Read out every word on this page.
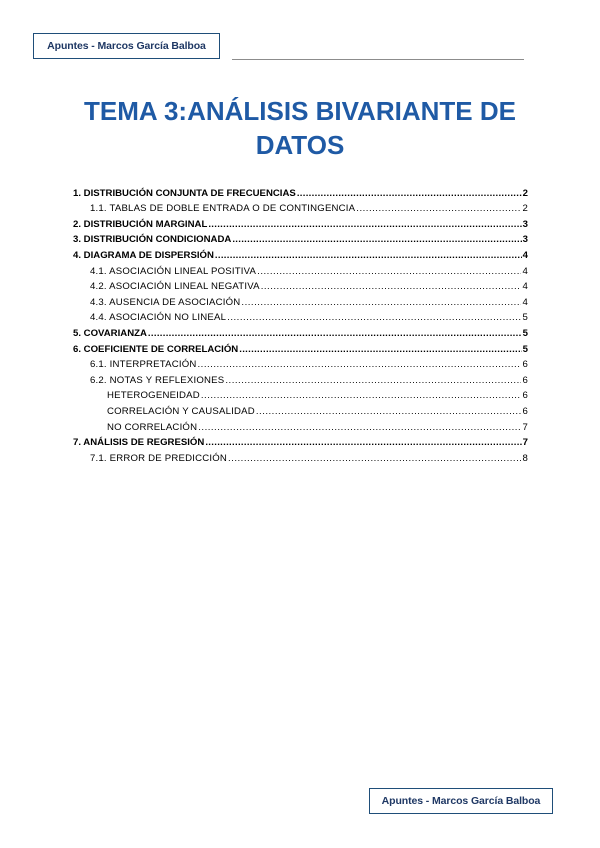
Apuntes - Marcos García Balboa
TEMA 3:ANÁLISIS BIVARIANTE DE
DATOS
1. DISTRIBUCIÓN CONJUNTA DE FRECUENCIAS .....	2
1.1. TABLAS DE DOBLE ENTRADA O DE CONTINGENCIA .....	2
2. DISTRIBUCIÓN MARGINAL .....	3
3. DISTRIBUCIÓN CONDICIONADA .....	3
4. DIAGRAMA DE DISPERSIÓN .....	4
4.1. ASOCIACIÓN LINEAL POSITIVA .....	4
4.2. ASOCIACIÓN LINEAL NEGATIVA .....	4
4.3. AUSENCIA DE ASOCIACIÓN .....	4
4.4. ASOCIACIÓN NO LINEAL .....	5
5. COVARIANZA .....	5
6. COEFICIENTE DE CORRELACIÓN .....	5
6.1. INTERPRETACIÓN .....	6
6.2. NOTAS Y REFLEXIONES .....	6
HETEROGENEIDAD .....	6
CORRELACIÓN Y CAUSALIDAD .....	6
NO CORRELACIÓN .....	7
7. ANÁLISIS DE REGRESIÓN .....	7
7.1. ERROR DE PREDICCIÓN .....	8
Apuntes - Marcos García Balboa
